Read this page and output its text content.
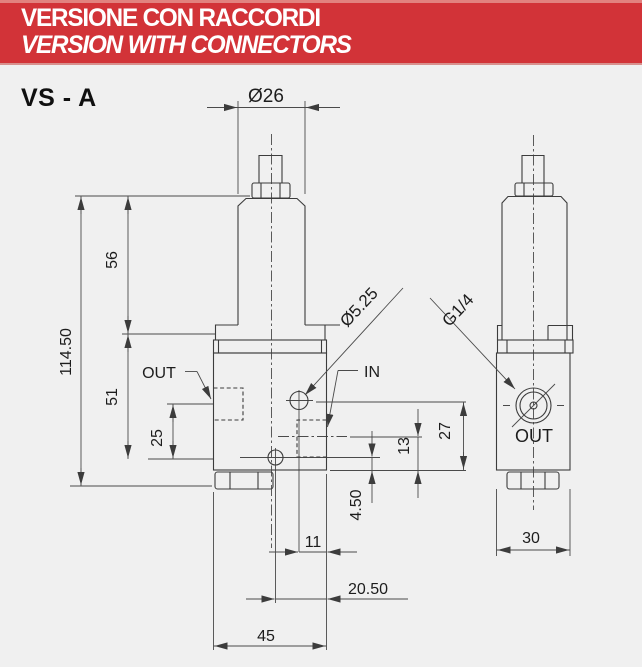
VERSIONE CON RACCORDI
VERSION WITH CONNECTORS
VS - A	Ø26
114.50
56
51
25
Ø5.25
27
13
4.50
11
20.50
45
G1/4
30
OUT	IN
OUT
